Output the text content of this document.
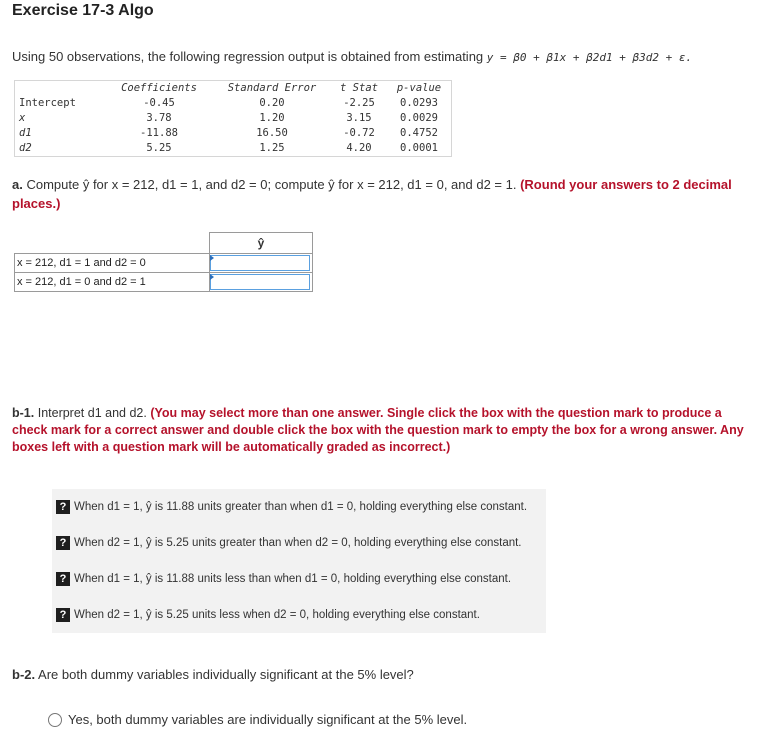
Exercise 17-3 Algo
Using 50 observations, the following regression output is obtained from estimating y = β0 + β1x + β2d1 + β3d2 + ε.
	Coefficients	Standard Error	t Stat	p-value
Intercept	-0.45	0.20	-2.25	0.0293
x	3.78	1.20	3.15	0.0029
d1	-11.88	16.50	-0.72	0.4752
d2	5.25	1.25	4.20	0.0001
a. Compute ŷ for x = 212, d1 = 1, and d2 = 0; compute ŷ for x = 212, d1 = 0, and d2 = 1. (Round your answers to 2 decimal places.)
	ŷ
x = 212, d1 = 1 and d2 = 0	

x = 212, d1 = 0 and d2 = 1	
b-1. Interpret d1 and d2. (You may select more than one answer. Single click the box with the question mark to produce a check mark for a correct answer and double click the box with the question mark to empty the box for a wrong answer. Any boxes left with a question mark will be automatically graded as incorrect.)
? When d1 = 1, ŷ is 11.88 units greater than when d1 = 0, holding everything else constant.
? When d2 = 1, ŷ is 5.25 units greater than when d2 = 0, holding everything else constant.
? When d1 = 1, ŷ is 11.88 units less than when d1 = 0, holding everything else constant.
? When d2 = 1, ŷ is 5.25 units less when d2 = 0, holding everything else constant.
b-2. Are both dummy variables individually significant at the 5% level?
Yes, both dummy variables are individually significant at the 5% level.
